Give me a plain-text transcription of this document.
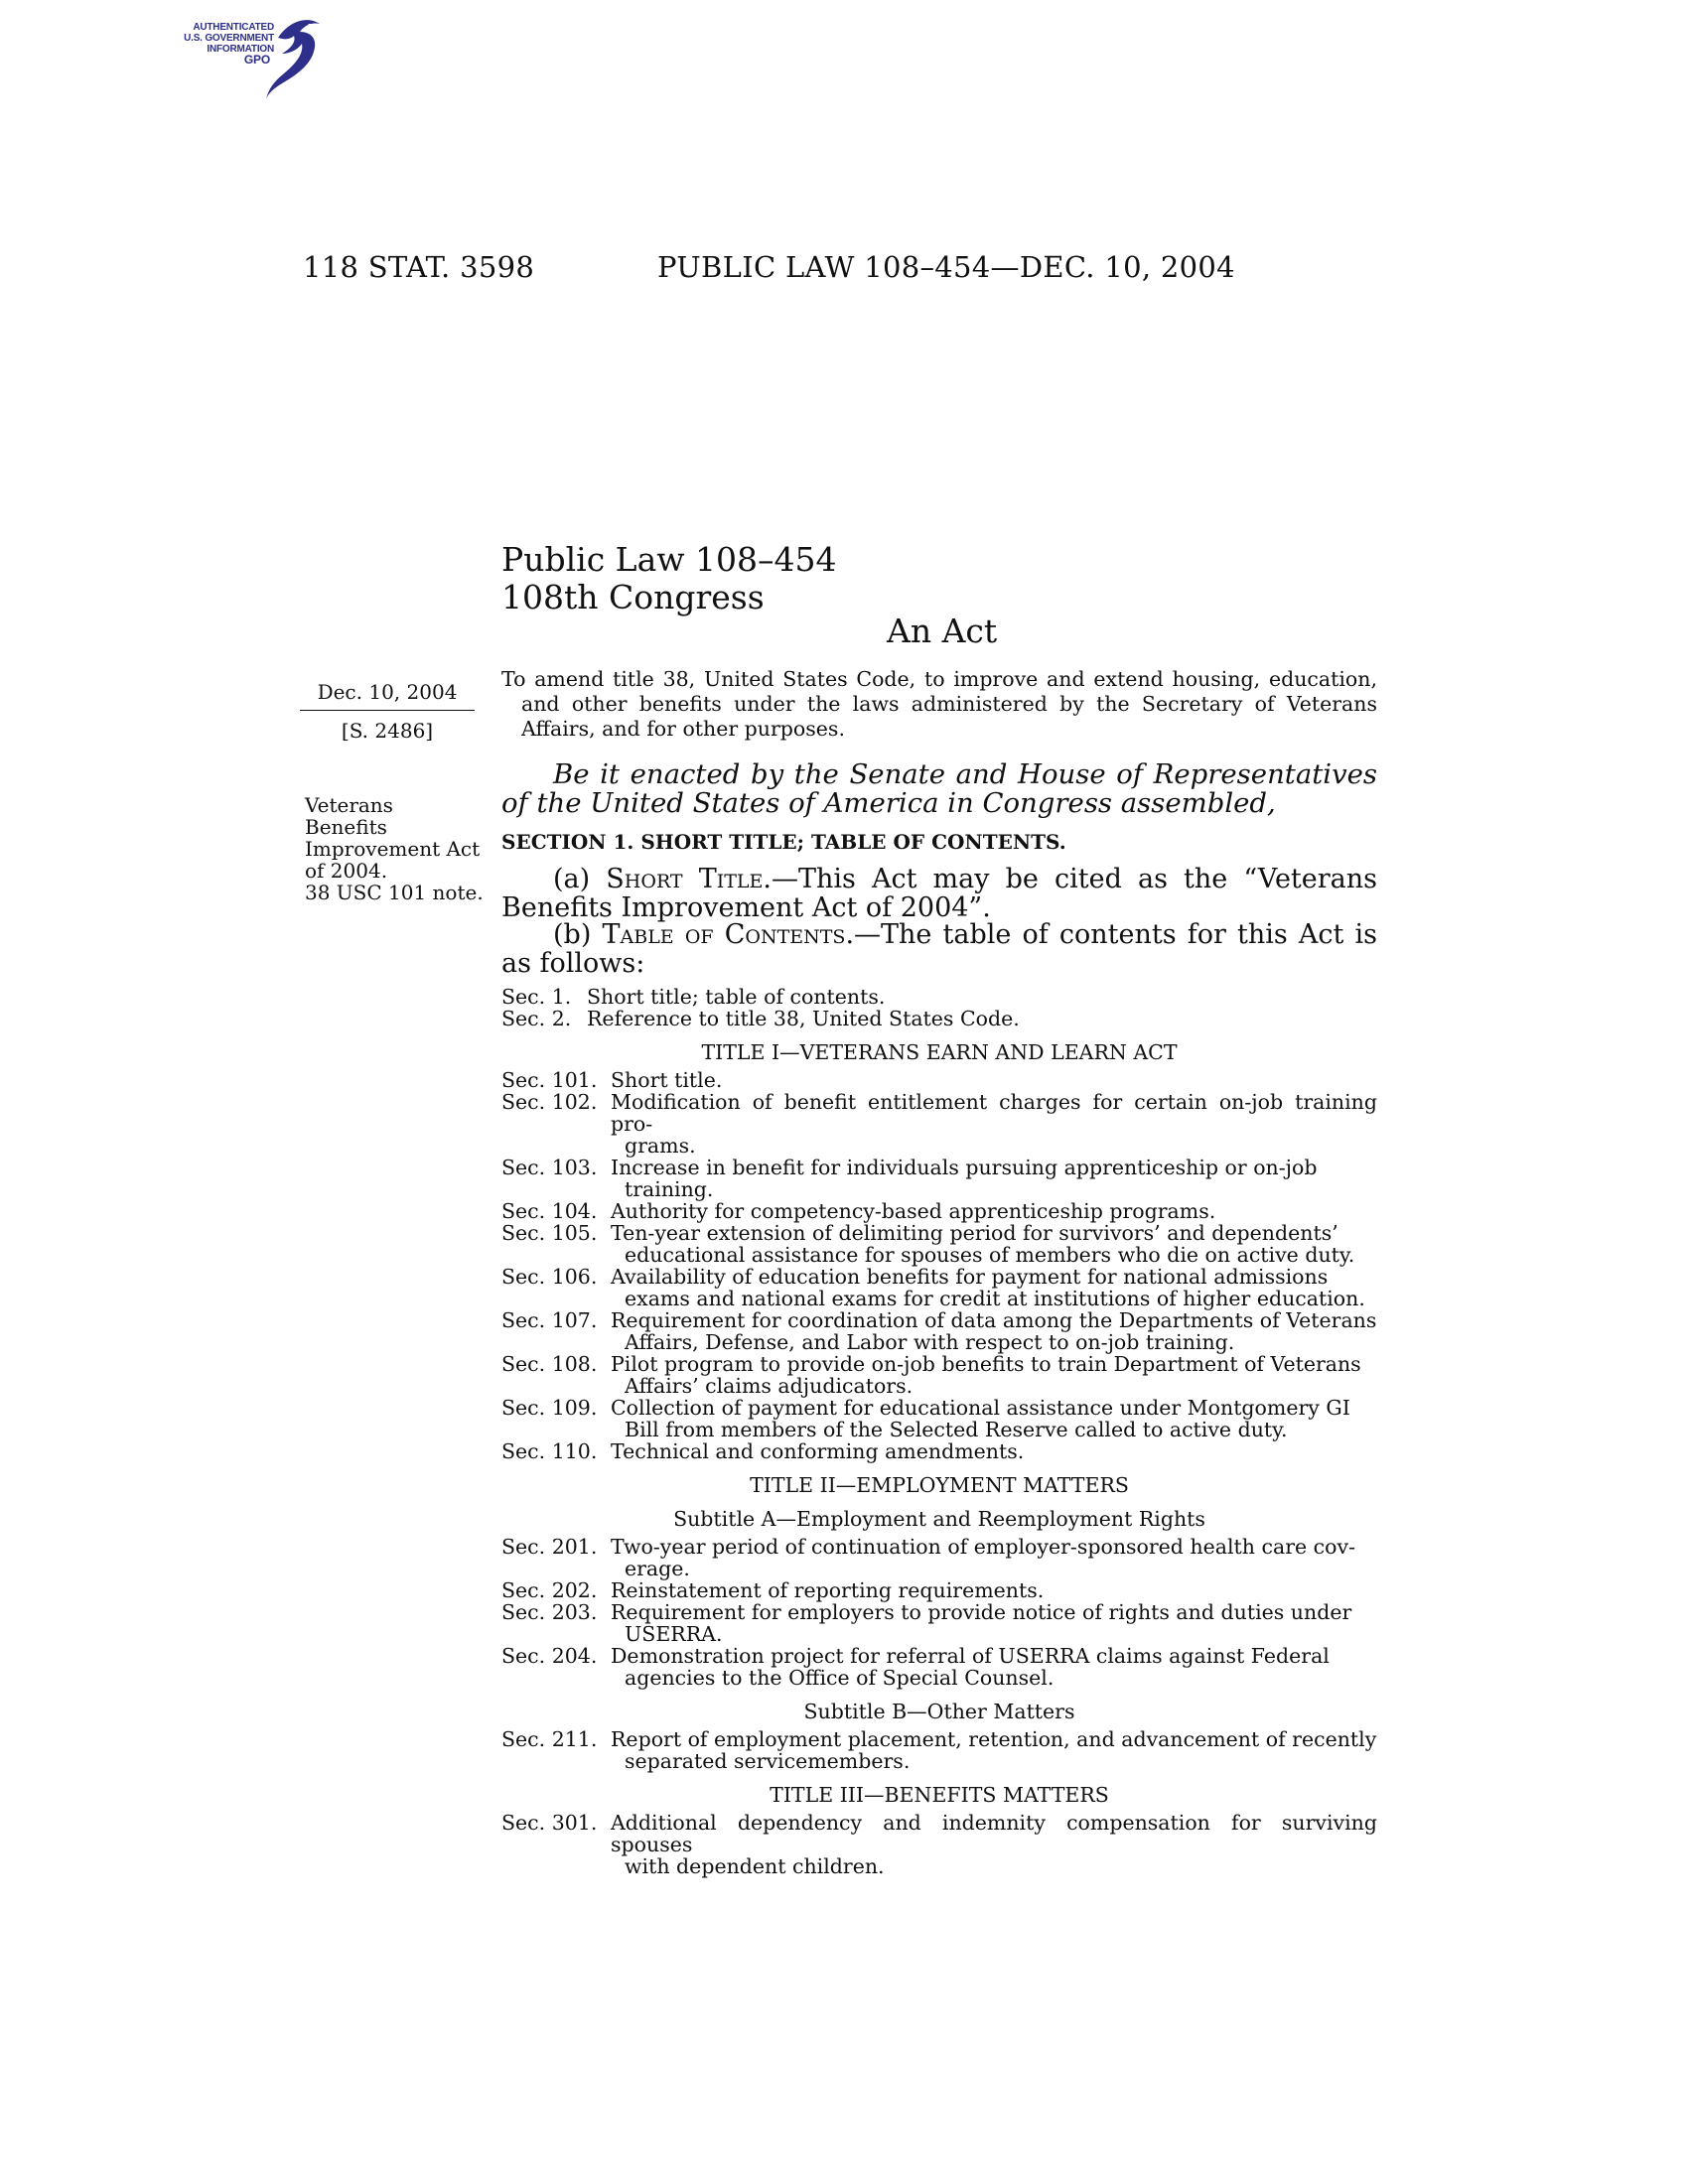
AUTHENTICATED
U.S. GOVERNMENT
INFORMATION
GPO
118 STAT. 3598	PUBLIC LAW 108–454—DEC. 10, 2004
Public Law 108–454
108th Congress
An Act
Dec. 10, 2004
[S. 2486]
Veterans
Benefits
Improvement Act
of 2004.
38 USC 101 note.
To amend title 38, United States Code, to improve and extend housing, education, and other benefits under the laws administered by the Secretary of Veterans Affairs, and for other purposes.
Be it enacted by the Senate and House of Representatives of the United States of America in Congress assembled,
SECTION 1. SHORT TITLE; TABLE OF CONTENTS.
(a) Short Title.—This Act may be cited as the “Veterans Benefits Improvement Act of 2004”.
(b) Table of Contents.—The table of contents for this Act is as follows:
Sec. 1. Short title; table of contents.
Sec. 2. Reference to title 38, United States Code.
TITLE I—VETERANS EARN AND LEARN ACT
Sec. 101. Short title.
Sec. 102. Modification of benefit entitlement charges for certain on-job training pro-
grams.
Sec. 103. Increase in benefit for individuals pursuing apprenticeship or on-job
training.
Sec. 104. Authority for competency-based apprenticeship programs.
Sec. 105. Ten-year extension of delimiting period for survivors’ and dependents’
educational assistance for spouses of members who die on active duty.
Sec. 106. Availability of education benefits for payment for national admissions
exams and national exams for credit at institutions of higher education.
Sec. 107. Requirement for coordination of data among the Departments of Veterans
Affairs, Defense, and Labor with respect to on-job training.
Sec. 108. Pilot program to provide on-job benefits to train Department of Veterans
Affairs’ claims adjudicators.
Sec. 109. Collection of payment for educational assistance under Montgomery GI
Bill from members of the Selected Reserve called to active duty.
Sec. 110. Technical and conforming amendments.
TITLE II—EMPLOYMENT MATTERS
Subtitle A—Employment and Reemployment Rights
Sec. 201. Two-year period of continuation of employer-sponsored health care cov-
erage.
Sec. 202. Reinstatement of reporting requirements.
Sec. 203. Requirement for employers to provide notice of rights and duties under
USERRA.
Sec. 204. Demonstration project for referral of USERRA claims against Federal
agencies to the Office of Special Counsel.
Subtitle B—Other Matters
Sec. 211. Report of employment placement, retention, and advancement of recently
separated servicemembers.
TITLE III—BENEFITS MATTERS
Sec. 301. Additional dependency and indemnity compensation for surviving spouses
with dependent children.
